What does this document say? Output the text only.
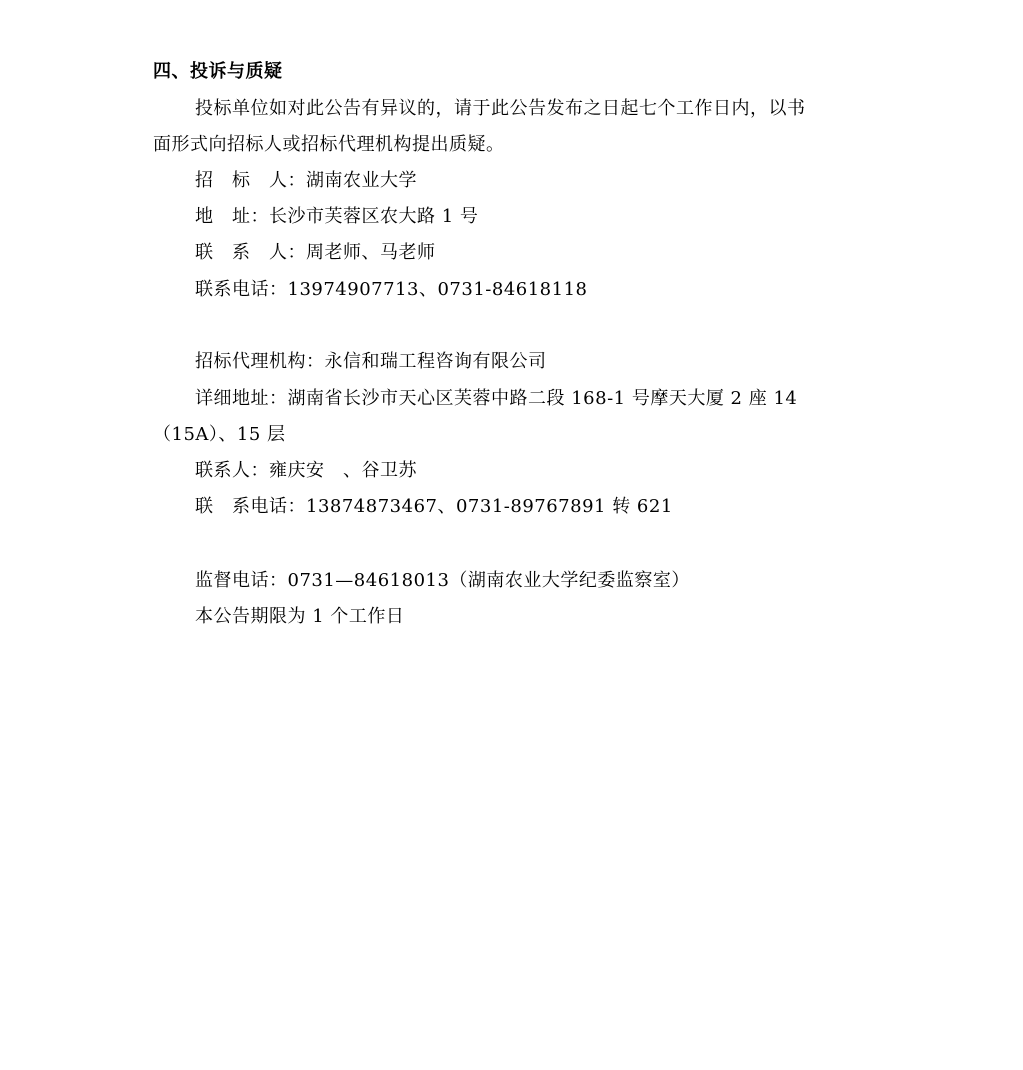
四、投诉与质疑
投标单位如对此公告有异议的，请于此公告发布之日起七个工作日内，以书
面形式向招标人或招标代理机构提出质疑。
招　标　人：湖南农业大学
地　址：长沙市芙蓉区农大路 1 号
联　系　人：周老师、马老师
联系电话：13974907713、0731-84618118
招标代理机构：永信和瑞工程咨询有限公司
详细地址：湖南省长沙市天心区芙蓉中路二段 168-1 号摩天大厦 2 座 14
（15A）、15 层
联系人：雍庆安　、谷卫苏
联　系电话：13874873467、0731-89767891 转 621
监督电话：0731—84618013（湖南农业大学纪委监察室）
本公告期限为 1 个工作日
